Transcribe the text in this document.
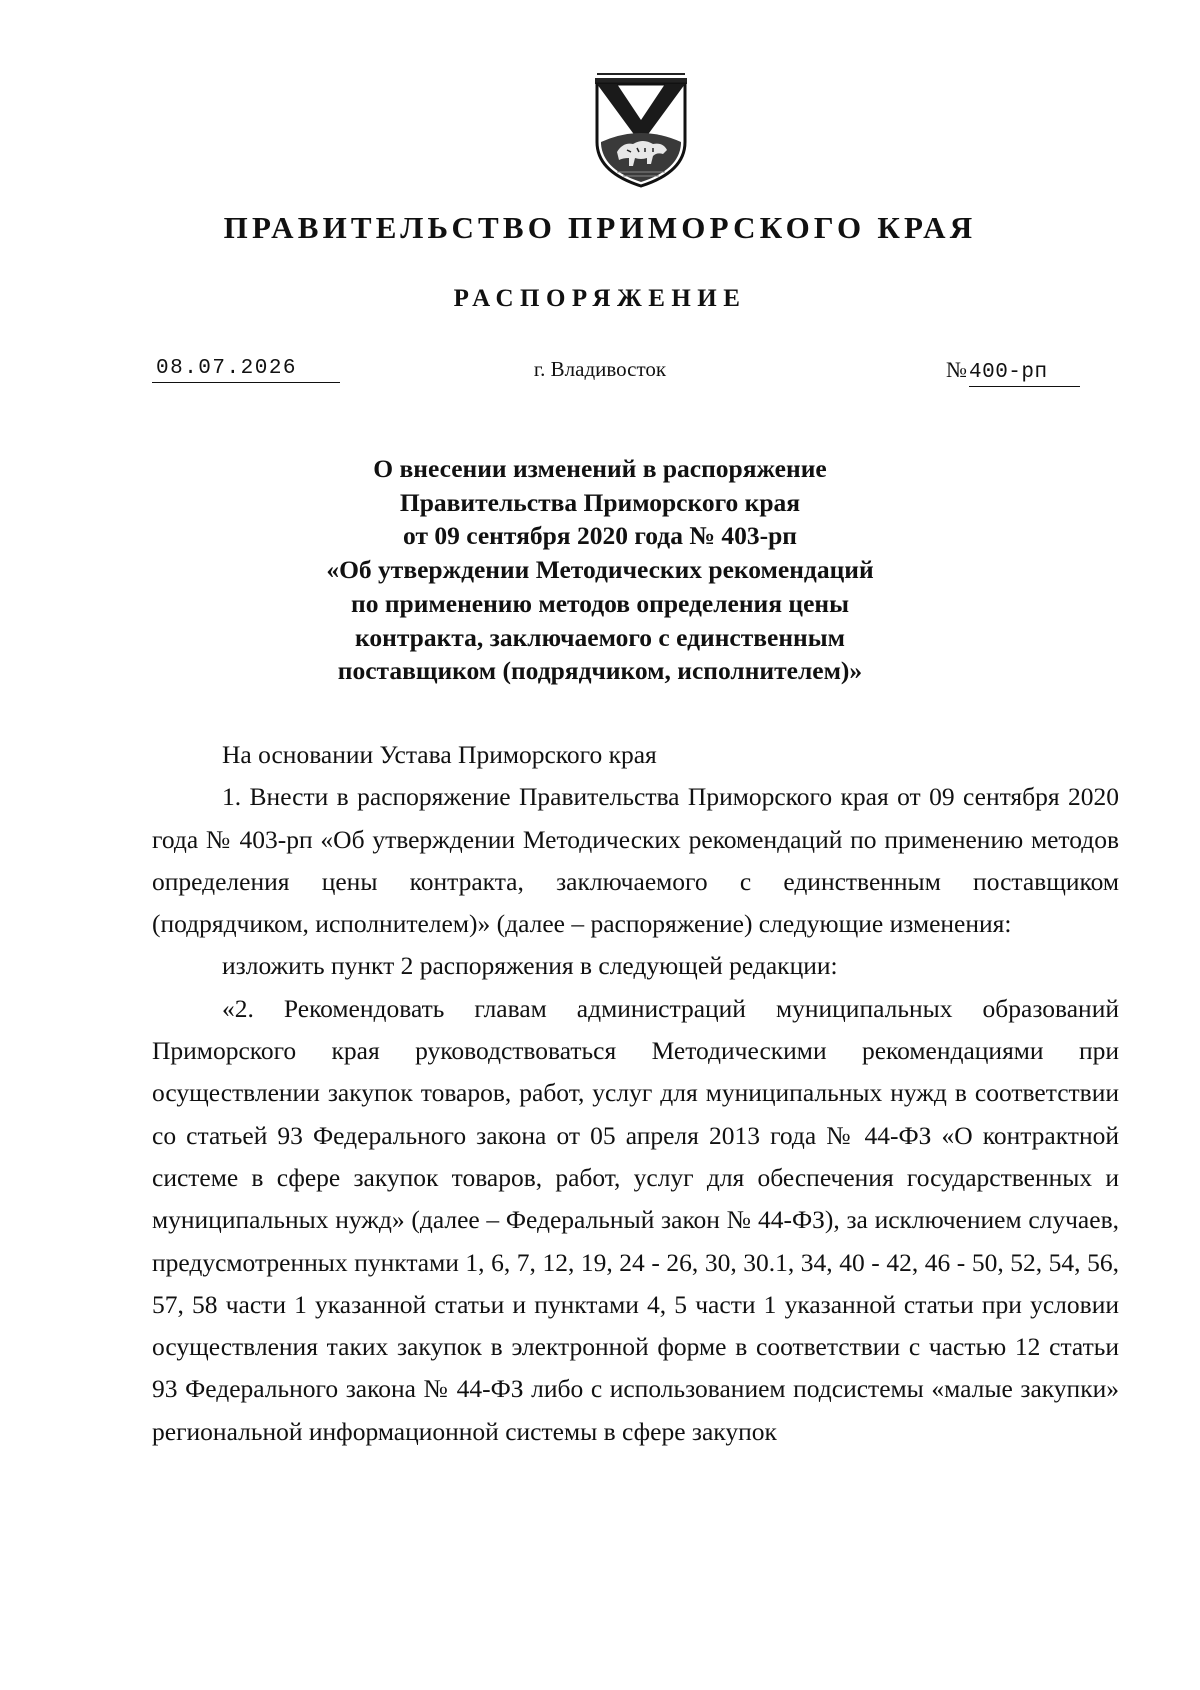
ПРАВИТЕЛЬСТВО ПРИМОРСКОГО КРАЯ
РАСПОРЯЖЕНИЕ
08.07.2026	г. Владивосток	№400-рп
О внесении изменений в распоряжение
Правительства Приморского края
от 09 сентября 2020 года № 403-рп
«Об утверждении Методических рекомендаций
по применению методов определения цены
контракта, заключаемого с единственным
поставщиком (подрядчиком, исполнителем)»

На основании Устава Приморского края

1. Внести в распоряжение Правительства Приморского края от 09 сентября 2020 года № 403-рп «Об утверждении Методических рекомендаций по применению методов определения цены контракта, заключаемого с единственным поставщиком (подрядчиком, исполнителем)» (далее – распоряжение) следующие изменения:

изложить пункт 2 распоряжения в следующей редакции:

«2. Рекомендовать главам администраций муниципальных образований Приморского края руководствоваться Методическими рекомендациями при осуществлении закупок товаров, работ, услуг для муниципальных нужд в соответствии со статьей 93 Федерального закона от 05 апреля 2013 года № 44-ФЗ «О контрактной системе в сфере закупок товаров, работ, услуг для обеспечения государственных и муниципальных нужд» (далее – Федеральный закон № 44-ФЗ), за исключением случаев, предусмотренных пунктами 1, 6, 7, 12, 19, 24 - 26, 30, 30.1, 34, 40 - 42, 46 - 50, 52, 54, 56, 57, 58 части 1 указанной статьи и пунктами 4, 5 части 1 указанной статьи при условии осуществления таких закупок в электронной форме в соответствии с частью 12 статьи 93 Федерального закона № 44-ФЗ либо с использованием подсистемы «малые закупки» региональной информационной системы в сфере закупок
